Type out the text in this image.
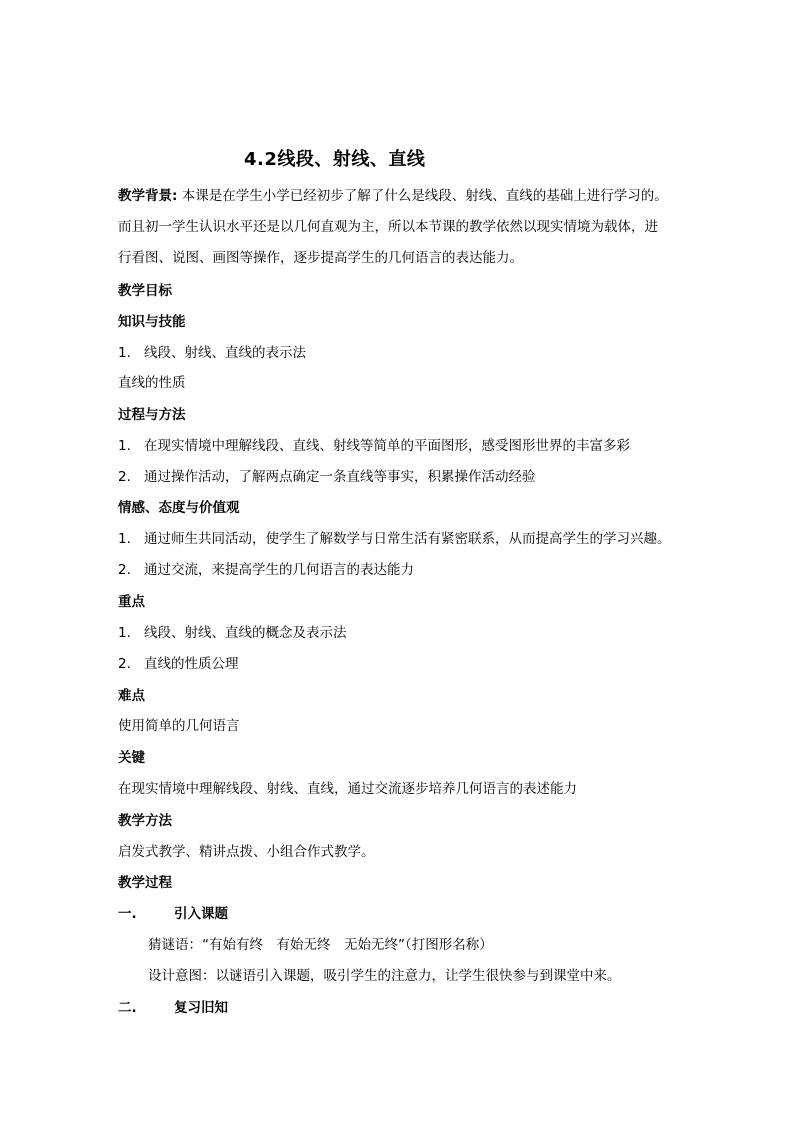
4.2线段、射线、直线
教学背景: 本课是在学生小学已经初步了解了什么是线段、射线、直线的基础上进行学习的。
而且初一学生认识水平还是以几何直观为主，所以本节课的教学依然以现实情境为载体，进
行看图、说图、画图等操作，逐步提高学生的几何语言的表达能力。
教学目标
知识与技能
1. 线段、射线、直线的表示法
直线的性质
过程与方法
1. 在现实情境中理解线段、直线、射线等简单的平面图形，感受图形世界的丰富多彩
2. 通过操作活动，了解两点确定一条直线等事实，积累操作活动经验
情感、态度与价值观
1. 通过师生共同活动，使学生了解数学与日常生活有紧密联系，从而提高学生的学习兴趣。
2. 通过交流，来提高学生的几何语言的表达能力
重点
1. 线段、射线、直线的概念及表示法
2. 直线的性质公理
难点
使用简单的几何语言
关键
在现实情境中理解线段、射线、直线，通过交流逐步培养几何语言的表述能力
教学方法
启发式教学、精讲点拨、小组合作式教学。
教学过程
一.	引入课题
猜谜语：“有始有终　有始无终　无始无终”（打图形名称）
设计意图：以谜语引入课题，吸引学生的注意力，让学生很快参与到课堂中来。
二.	复习旧知
